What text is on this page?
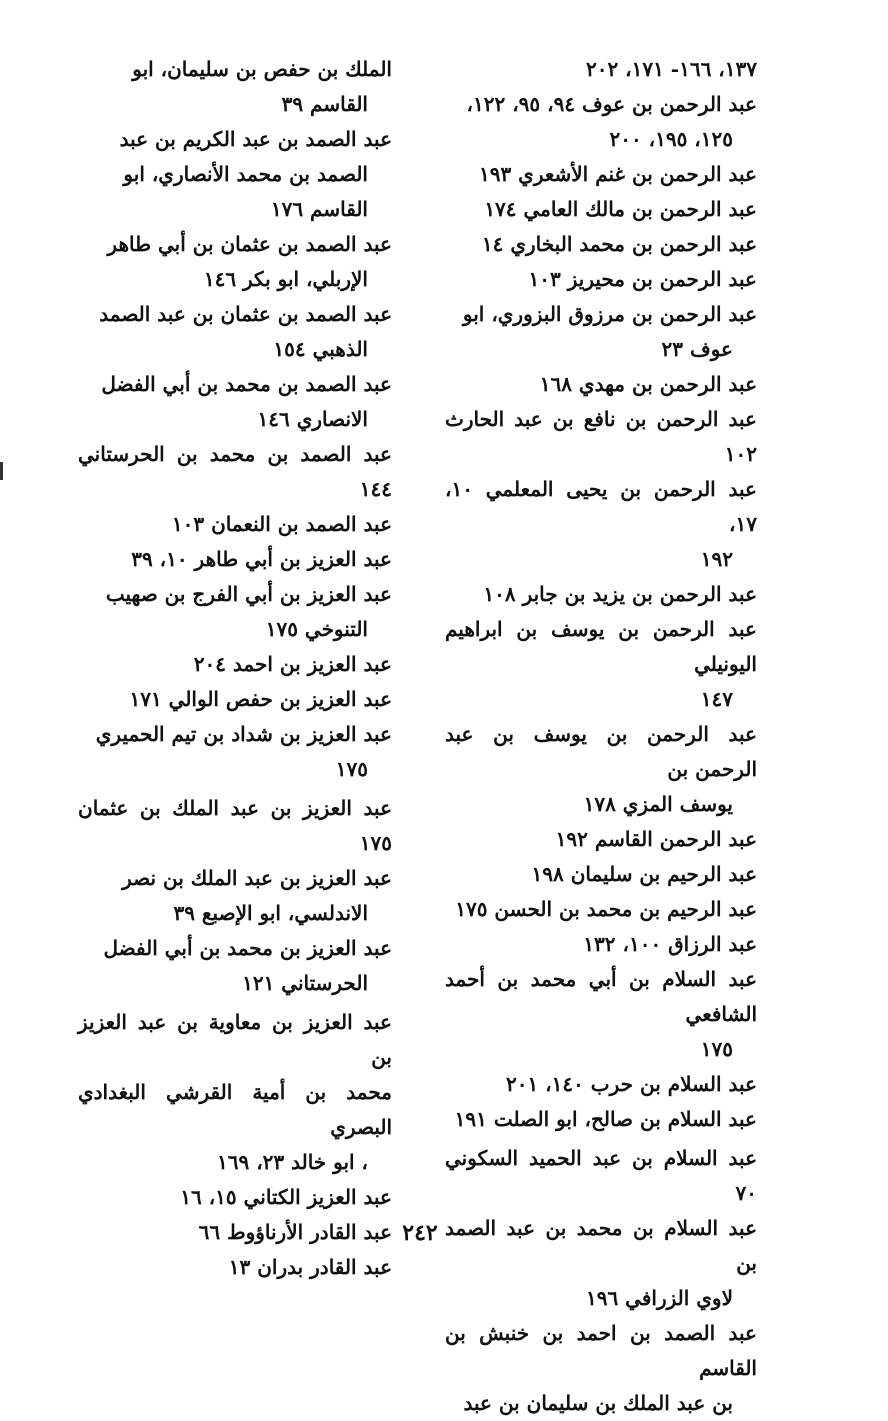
١٣٧، ١٦٦- ١٧١، ٢٠٢
عبد الرحمن بن عوف ٩٤، ٩٥، ١٢٢،
١٢٥، ١٩٥، ٢٠٠
عبد الرحمن بن غنم الأشعري ١٩٣
عبد الرحمن بن مالك العامي ١٧٤
عبد الرحمن بن محمد البخاري ١٤
عبد الرحمن بن محيريز ١٠٣
عبد الرحمن بن مرزوق البزوري، ابو
عوف ٢٣
عبد الرحمن بن مهدي ١٦٨
عبد الرحمن بن نافع بن عبد الحارث ١٠٢
عبد الرحمن بن يحيى المعلمي ١٠، ١٧،
١٩٢
عبد الرحمن بن يزيد بن جابر ١٠٨
عبد الرحمن بن يوسف بن ابراهيم اليونيلي
١٤٧
عبد الرحمن بن يوسف بن عبد الرحمن بن
يوسف المزي ١٧٨
عبد الرحمن القاسم ١٩٢
عبد الرحيم بن سليمان ١٩٨
عبد الرحيم بن محمد بن الحسن ١٧٥
عبد الرزاق ١٠٠، ١٣٢
عبد السلام بن أبي محمد بن أحمد الشافعي
١٧٥
عبد السلام بن حرب ١٤٠، ٢٠١
عبد السلام بن صالح، ابو الصلت ١٩١
عبد السلام بن عبد الحميد السكوني ٧٠
عبد السلام بن محمد بن عبد الصمد بن
لاوي الزرافي ١٩٦
عبد الصمد بن احمد بن خنبش بن القاسم
بن عبد الملك بن سليمان بن عبد
الملك بن حفص بن سليمان، ابو
القاسم ٣٩
عبد الصمد بن عبد الكريم بن عبد
الصمد بن محمد الأنصاري، ابو
القاسم ١٧٦
عبد الصمد بن عثمان بن أبي طاهر
الإربلي، ابو بكر ١٤٦
عبد الصمد بن عثمان بن عبد الصمد
الذهبي ١٥٤
عبد الصمد بن محمد بن أبي الفضل
الانصاري ١٤٦
عبد الصمد بن محمد بن الحرستاني ١٤٤
عبد الصمد بن النعمان ١٠٣
عبد العزيز بن أبي طاهر ١٠، ٣٩
عبد العزيز بن أبي الفرج بن صهيب
التنوخي ١٧٥
عبد العزيز بن احمد ٢٠٤
عبد العزيز بن حفص الوالي ١٧١
عبد العزيز بن شداد بن تيم الحميري
١٧٥
عبد العزيز بن عبد الملك بن عثمان ١٧٥
عبد العزيز بن عبد الملك بن نصر
الاندلسي، ابو الإصبع ٣٩
عبد العزيز بن محمد بن أبي الفضل
الحرستاني ١٢١
عبد العزيز بن معاوية بن عبد العزيز بن
محمد بن أمية القرشي البغدادي البصري
، ابو خالد ٢٣، ١٦٩
عبد العزيز الكتاني ١٥، ١٦
عبد القادر الأرناؤوط ٦٦
عبد القادر بدران ١٣
٢٤٢
